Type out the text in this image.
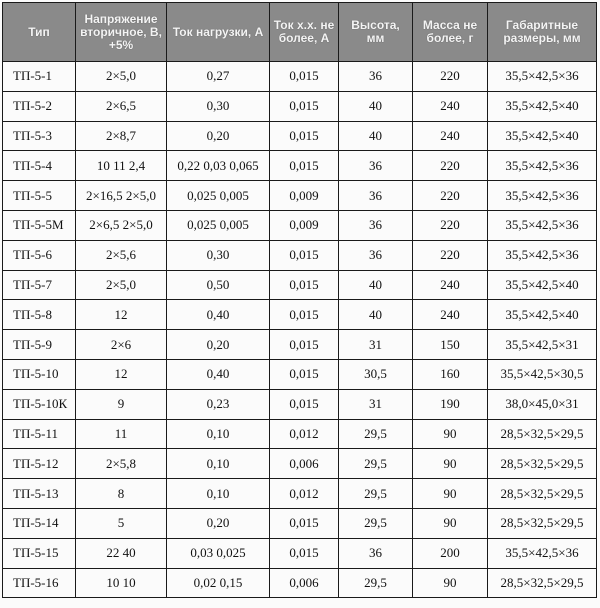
Тип	Напряжение вторичное, В, +5%	Ток нагрузки, А	Ток х.х. не более, А	Высота, мм	Масса не более, г	Габаритные размеры, мм
ТП-5-1	2×5,0	0,27	0,015	36	220	35,5×42,5×36
ТП-5-2	2×6,5	0,30	0,015	40	240	35,5×42,5×40
ТП-5-3	2×8,7	0,20	0,015	40	240	35,5×42,5×40
ТП-5-4	10 11 2,4	0,22 0,03 0,065	0,015	36	220	35,5×42,5×36
ТП-5-5	2×16,5 2×5,0	0,025 0,005	0,009	36	220	35,5×42,5×36
ТП-5-5М	2×6,5 2×5,0	0,025 0,005	0,009	36	220	35,5×42,5×36
ТП-5-6	2×5,6	0,30	0,015	36	220	35,5×42,5×36
ТП-5-7	2×5,0	0,50	0,015	40	240	35,5×42,5×40
ТП-5-8	12	0,40	0,015	40	240	35,5×42,5×40
ТП-5-9	2×6	0,20	0,015	31	150	35,5×42,5×31
ТП-5-10	12	0,40	0,015	30,5	160	35,5×42,5×30,5
ТП-5-10К	9	0,23	0,015	31	190	38,0×45,0×31
ТП-5-11	11	0,10	0,012	29,5	90	28,5×32,5×29,5
ТП-5-12	2×5,8	0,10	0,006	29,5	90	28,5×32,5×29,5
ТП-5-13	8	0,10	0,012	29,5	90	28,5×32,5×29,5
ТП-5-14	5	0,20	0,015	29,5	90	28,5×32,5×29,5
ТП-5-15	22 40	0,03 0,025	0,015	36	200	35,5×42,5×36
ТП-5-16	10 10	0,02 0,15	0,006	29,5	90	28,5×32,5×29,5
